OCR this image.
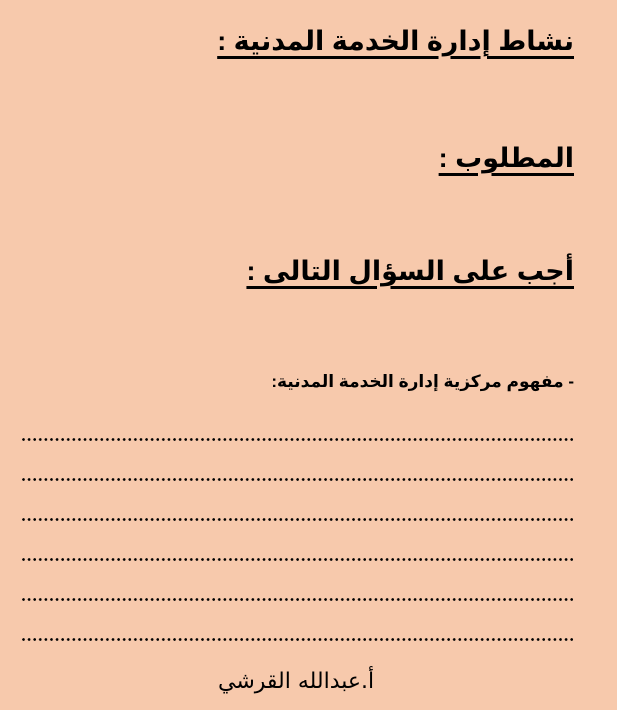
نشاط إدارة الخدمة المدنية :
المطلوب :
أجب على السؤال التالى :

- مفهوم مركزية إدارة الخدمة المدنية:

أ.عبدالله القرشي
